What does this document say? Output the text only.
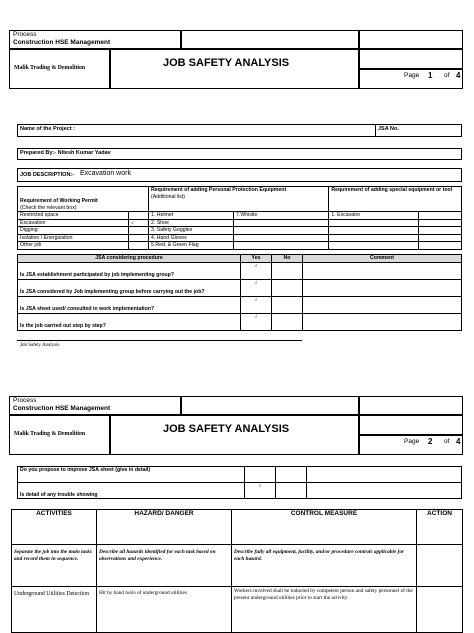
Process
Construction HSE Management
Malik Trading & Demolition	JOB SAFETY ANALYSIS
Page 1 of 4
Name of the Project :	JSA No.
Prepared By:- Nitesh Kumar Yadav
JOB DESCRIPTION:- Excavation work
Requirement of Working Permit
(Check the relevant box)		Requirement of adding Personal Protection Equipment
(Additional list)		Requirement of adding special equipment or tool	
Restricted space		1. Helmet	7.Whistle	1. Excavator	
Excavation	√	2. Shoe			
Digging		3. Safety Goggles			
Isolation / Energization		4. Hand Gloves			
Other job		5.Red. & Green Flag			
JSA considering procedure	Yes	No	Comment
Is JSA establishment participated by job implementing group?	√		
Is JSA considered by Job implementing group before carrying out the job?	√		
Is JSA sheet used/ consulted in work implementation?	√		
Is the job carried out step by step?	√		
Job Safety Analysis
Process
Construction HSE Management
Malik Trading & Demolition	JOB SAFETY ANALYSIS
Page 2 of 4
Do you propose to improve JSA sheet (give in detail)			
Is detail of any trouble showing	√		
ACTIVITIES	HAZARD/ DANGER	CONTROL MEASURE	ACTION
Separate the job into the main tasks and record them in sequence.	Describe all hazards identified for each task based on observations and experience.	Describe fully all equipment, facility, and/or procedure controls applicable for each hazard.	
Underground Utilities Detection	Hit by hand tools of underground utilities	Workers involved shall be inducted by competent person and safety personnel of the present underground utilities prior to start the activity.	
